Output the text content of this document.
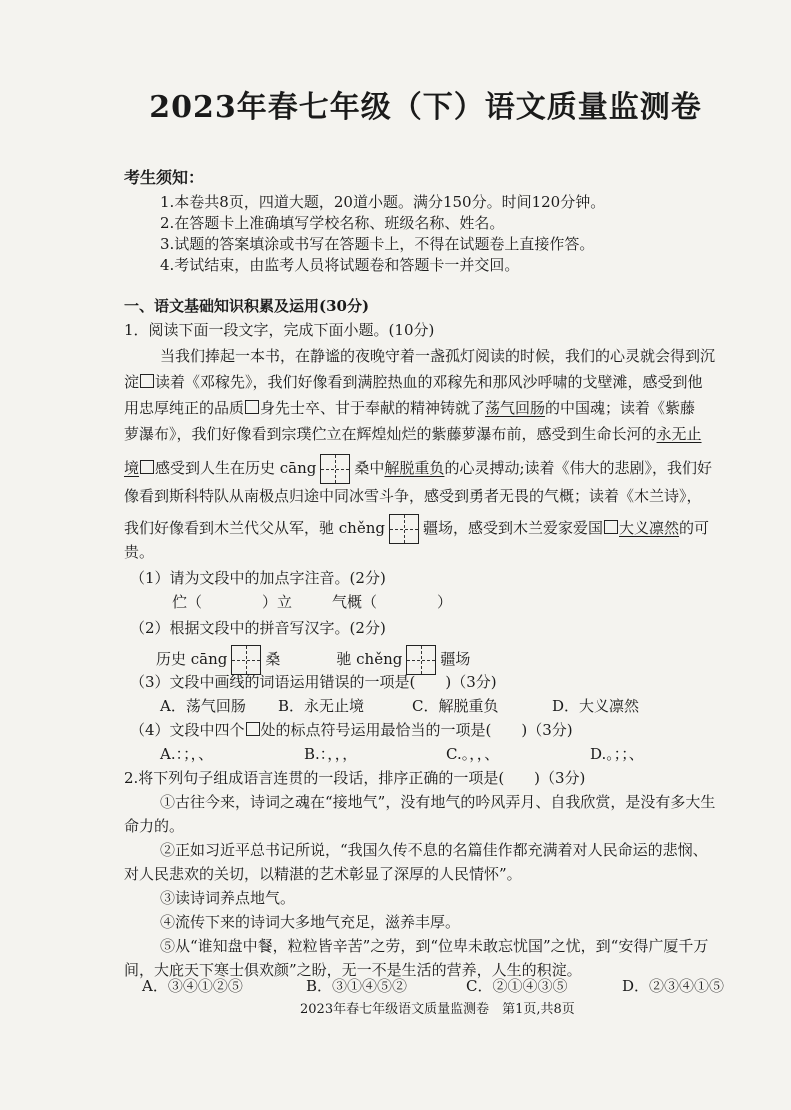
2023年春七年级（下）语文质量监测卷
考生须知：
1.本卷共8页，四道大题，20道小题。满分150分。时间120分钟。
2.在答题卡上准确填写学校名称、班级名称、姓名。
3.试题的答案填涂或书写在答题卡上，不得在试题卷上直接作答。
4.考试结束，由监考人员将试题卷和答题卡一并交回。
一、语文基础知识积累及运用(30分)
1．阅读下面一段文字，完成下面小题。(10分)
当我们捧起一本书，在静谧的夜晚守着一盏孤灯阅读的时候，我们的心灵就会得到沉
淀 读着《邓稼先》，我们好像看到满腔热血的邓稼先和那风沙呼啸的戈壁滩，感受到他
用忠厚纯正的品质 身先士卒、甘于奉献的精神铸就了荡气回肠的中国魂；读着《紫藤
萝瀑布》，我们好像看到宗璞伫立在辉煌灿烂的紫藤萝瀑布前，感受到生命长河的永无止
境 感受到人生在历史 cāng	桑中解脱重负的心灵搏动;读着《伟大的悲剧》，我们好
像看到斯科特队从南极点归途中同冰雪斗争，感受到勇者无畏的气概；读着《木兰诗》，
我们好像看到木兰代父从军，驰 chěng	疆场，感受到木兰爱家爱国 大义凛然的可
贵。
（1）请为文段中的加点字注音。(2分)
伫（	）立	气概（	）
（2）根据文段中的拼音写汉字。(2分)
历史 cāng	桑	驰 chěng	疆场
（3）文段中画线的词语运用错误的一项是(　　)（3分)
A．荡气回肠 B．永无止境	C．解脱重负	D．大义凛然
（4）文段中四个 处的标点符号运用最恰当的一项是(　　)（3分)
A.：；，、	B.：，，，	C.。，，、	D.。；；、
2.将下列句子组成语言连贯的一段话，排序正确的一项是(　　)（3分)
①古往今来，诗词之魂在“接地气”，没有地气的吟风弄月、自我欣赏，是没有多大生
命力的。
②正如习近平总书记所说，“我国久传不息的名篇佳作都充满着对人民命运的悲悯、
对人民悲欢的关切，以精湛的艺术彰显了深厚的人民情怀”。
③读诗词养点地气。
④流传下来的诗词大多地气充足，滋养丰厚。
⑤从“谁知盘中餐，粒粒皆辛苦”之劳，到“位卑未敢忘忧国”之忧，到“安得广厦千万
间，大庇天下寒士俱欢颜”之盼，无一不是生活的营养，人生的积淀。
A．③④①②⑤	B．③①④⑤②	C．②①④③⑤	D．②③④①⑤
2023年春七年级语文质量监测卷　第1页,共8页
